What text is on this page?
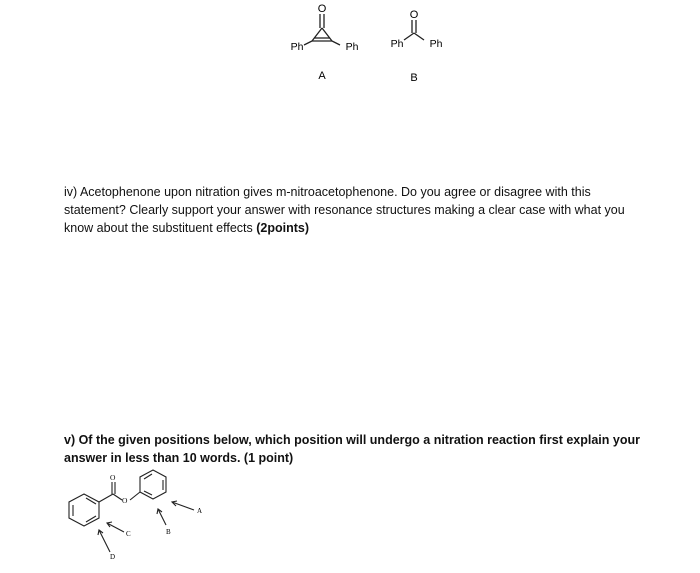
O
Ph	Ph
A
O
Ph Ph
B
iv) Acetophenone upon nitration gives m-nitroacetophenone. Do you agree or disagree with this statement? Clearly support your answer with resonance structures making a clear case with what you know about the substituent effects (2points)
v) Of the given positions below, which position will undergo a nitration reaction first explain your answer in less than 10 words. (1 point)
O
O
A
B
C
D
